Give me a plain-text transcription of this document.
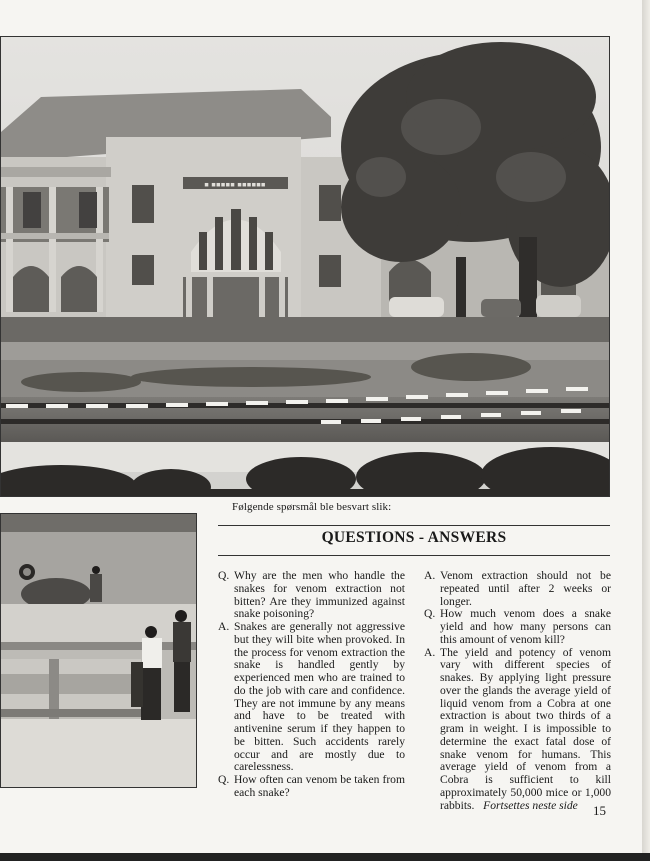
▪ ▪▪▪▪▪ ▪▪▪▪▪▪
Følgende spørsmål ble besvart slik:
QUESTIONS - ANSWERS
Q. Why are the men who handle the snakes for venom extraction not bitten? Are they immunized against snake poisoning?
A. Snakes are generally not aggressive but they will bite when provoked. In the process for venom extraction the snake is handled gently by experienced men who are trained to do the job with care and confidence. They are not immune by any means and have to be treated with antivenine serum if they happen to be bitten. Such accidents rarely occur and are mostly due to carelessness.
Q. How often can venom be taken from each snake?
A. Venom extraction should not be repeated until after 2 weeks or longer.
Q. How much venom does a snake yield and how many persons can this amount of venom kill?
A. The yield and potency of venom vary with different species of snakes. By applying light pressure over the glands the average yield of liquid venom from a Cobra at one extraction is about two thirds of a gram in weight. I is impossible to determine the exact fatal dose of snake venom for humans. This average yield of venom from a Cobra is sufficient to kill approximately 50,000 mice or 1,000 rabbits. Fortsettes neste side	15
